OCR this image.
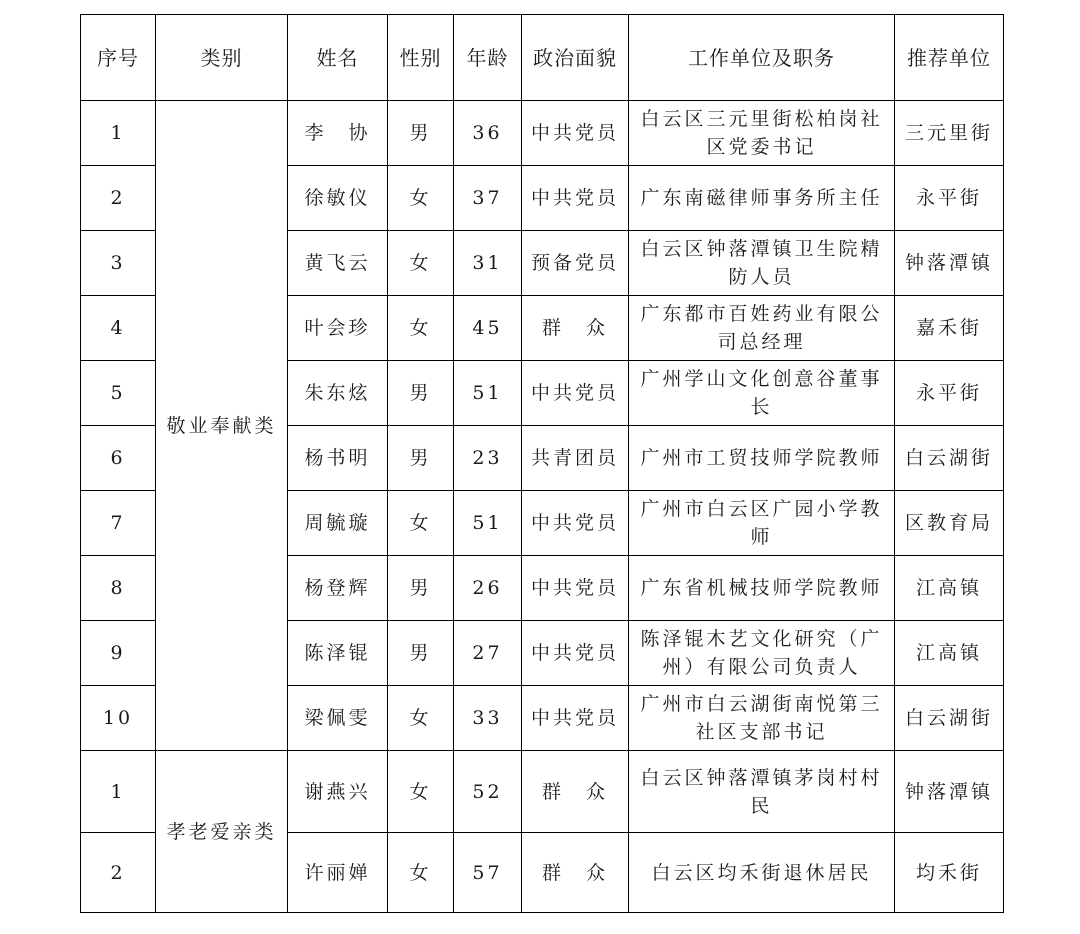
序号	类别	姓名	性别	年龄	政治面貌	工作单位及职务	推荐单位
1	敬业奉献类	李　协	男	36	中共党员	白云区三元里街松柏岗社区党委书记	三元里街
2		徐敏仪	女	37	中共党员	广东南磁律师事务所主任	永平街
3		黄飞云	女	31	预备党员	白云区钟落潭镇卫生院精防人员	钟落潭镇
4		叶会珍	女	45	群　众	广东都市百姓药业有限公司总经理	嘉禾街
5		朱东炫	男	51	中共党员	广州学山文化创意谷董事长	永平街
6		杨书明	男	23	共青团员	广州市工贸技师学院教师	白云湖街
7		周毓璇	女	51	中共党员	广州市白云区广园小学教师	区教育局
8		杨登辉	男	26	中共党员	广东省机械技师学院教师	江高镇
9		陈泽锟	男	27	中共党员	陈泽锟木艺文化研究（广州）有限公司负责人	江高镇
10		梁佩雯	女	33	中共党员	广州市白云湖街南悦第三社区支部书记	白云湖街
1	孝老爱亲类	谢燕兴	女	52	群　众	白云区钟落潭镇茅岗村村民	钟落潭镇
2		许丽婵	女	57	群　众	白云区均禾街退休居民	均禾街
